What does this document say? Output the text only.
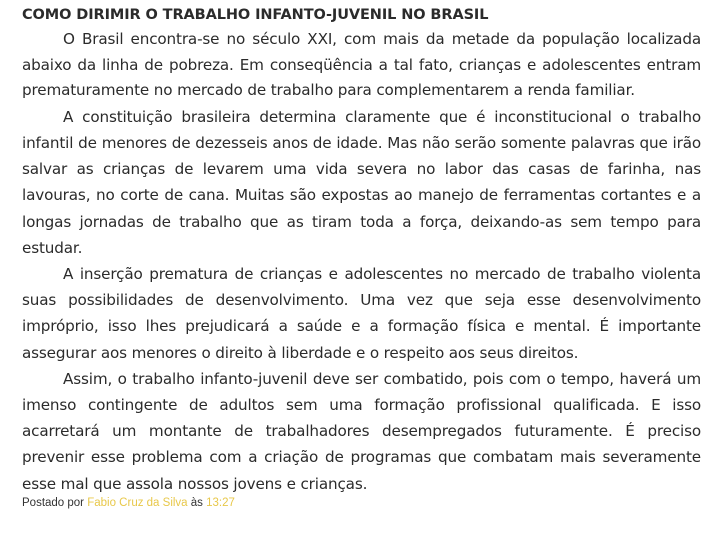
COMO DIRIMIR O TRABALHO INFANTO-JUVENIL NO BRASIL

O Brasil encontra-se no século XXI, com mais da metade da população localizada abaixo da linha de pobreza. Em conseqüência a tal fato, crianças e adolescentes entram prematuramente no mercado de trabalho para complementarem a renda familiar.

A constituição brasileira determina claramente que é inconstitucional o trabalho infantil de menores de dezesseis anos de idade. Mas não serão somente palavras que irão salvar as crianças de levarem uma vida severa no labor das casas de farinha, nas lavouras, no corte de cana. Muitas são expostas ao manejo de ferramentas cortantes e a longas jornadas de trabalho que as tiram toda a força, deixando-as sem tempo para estudar.

A inserção prematura de crianças e adolescentes no mercado de trabalho violenta suas possibilidades de desenvolvimento. Uma vez que seja esse desenvolvimento impróprio, isso lhes prejudicará a saúde e a formação física e mental. É importante assegurar aos menores o direito à liberdade e o respeito aos seus direitos.

Assim, o trabalho infanto-juvenil deve ser combatido, pois com o tempo, haverá um imenso contingente de adultos sem uma formação profissional qualificada. E isso acarretará um montante de trabalhadores desempregados futuramente. É preciso prevenir esse problema com a criação de programas que combatam mais severamente esse mal que assola nossos jovens e crianças.

Postado por Fabio Cruz da Silva às 13:27
